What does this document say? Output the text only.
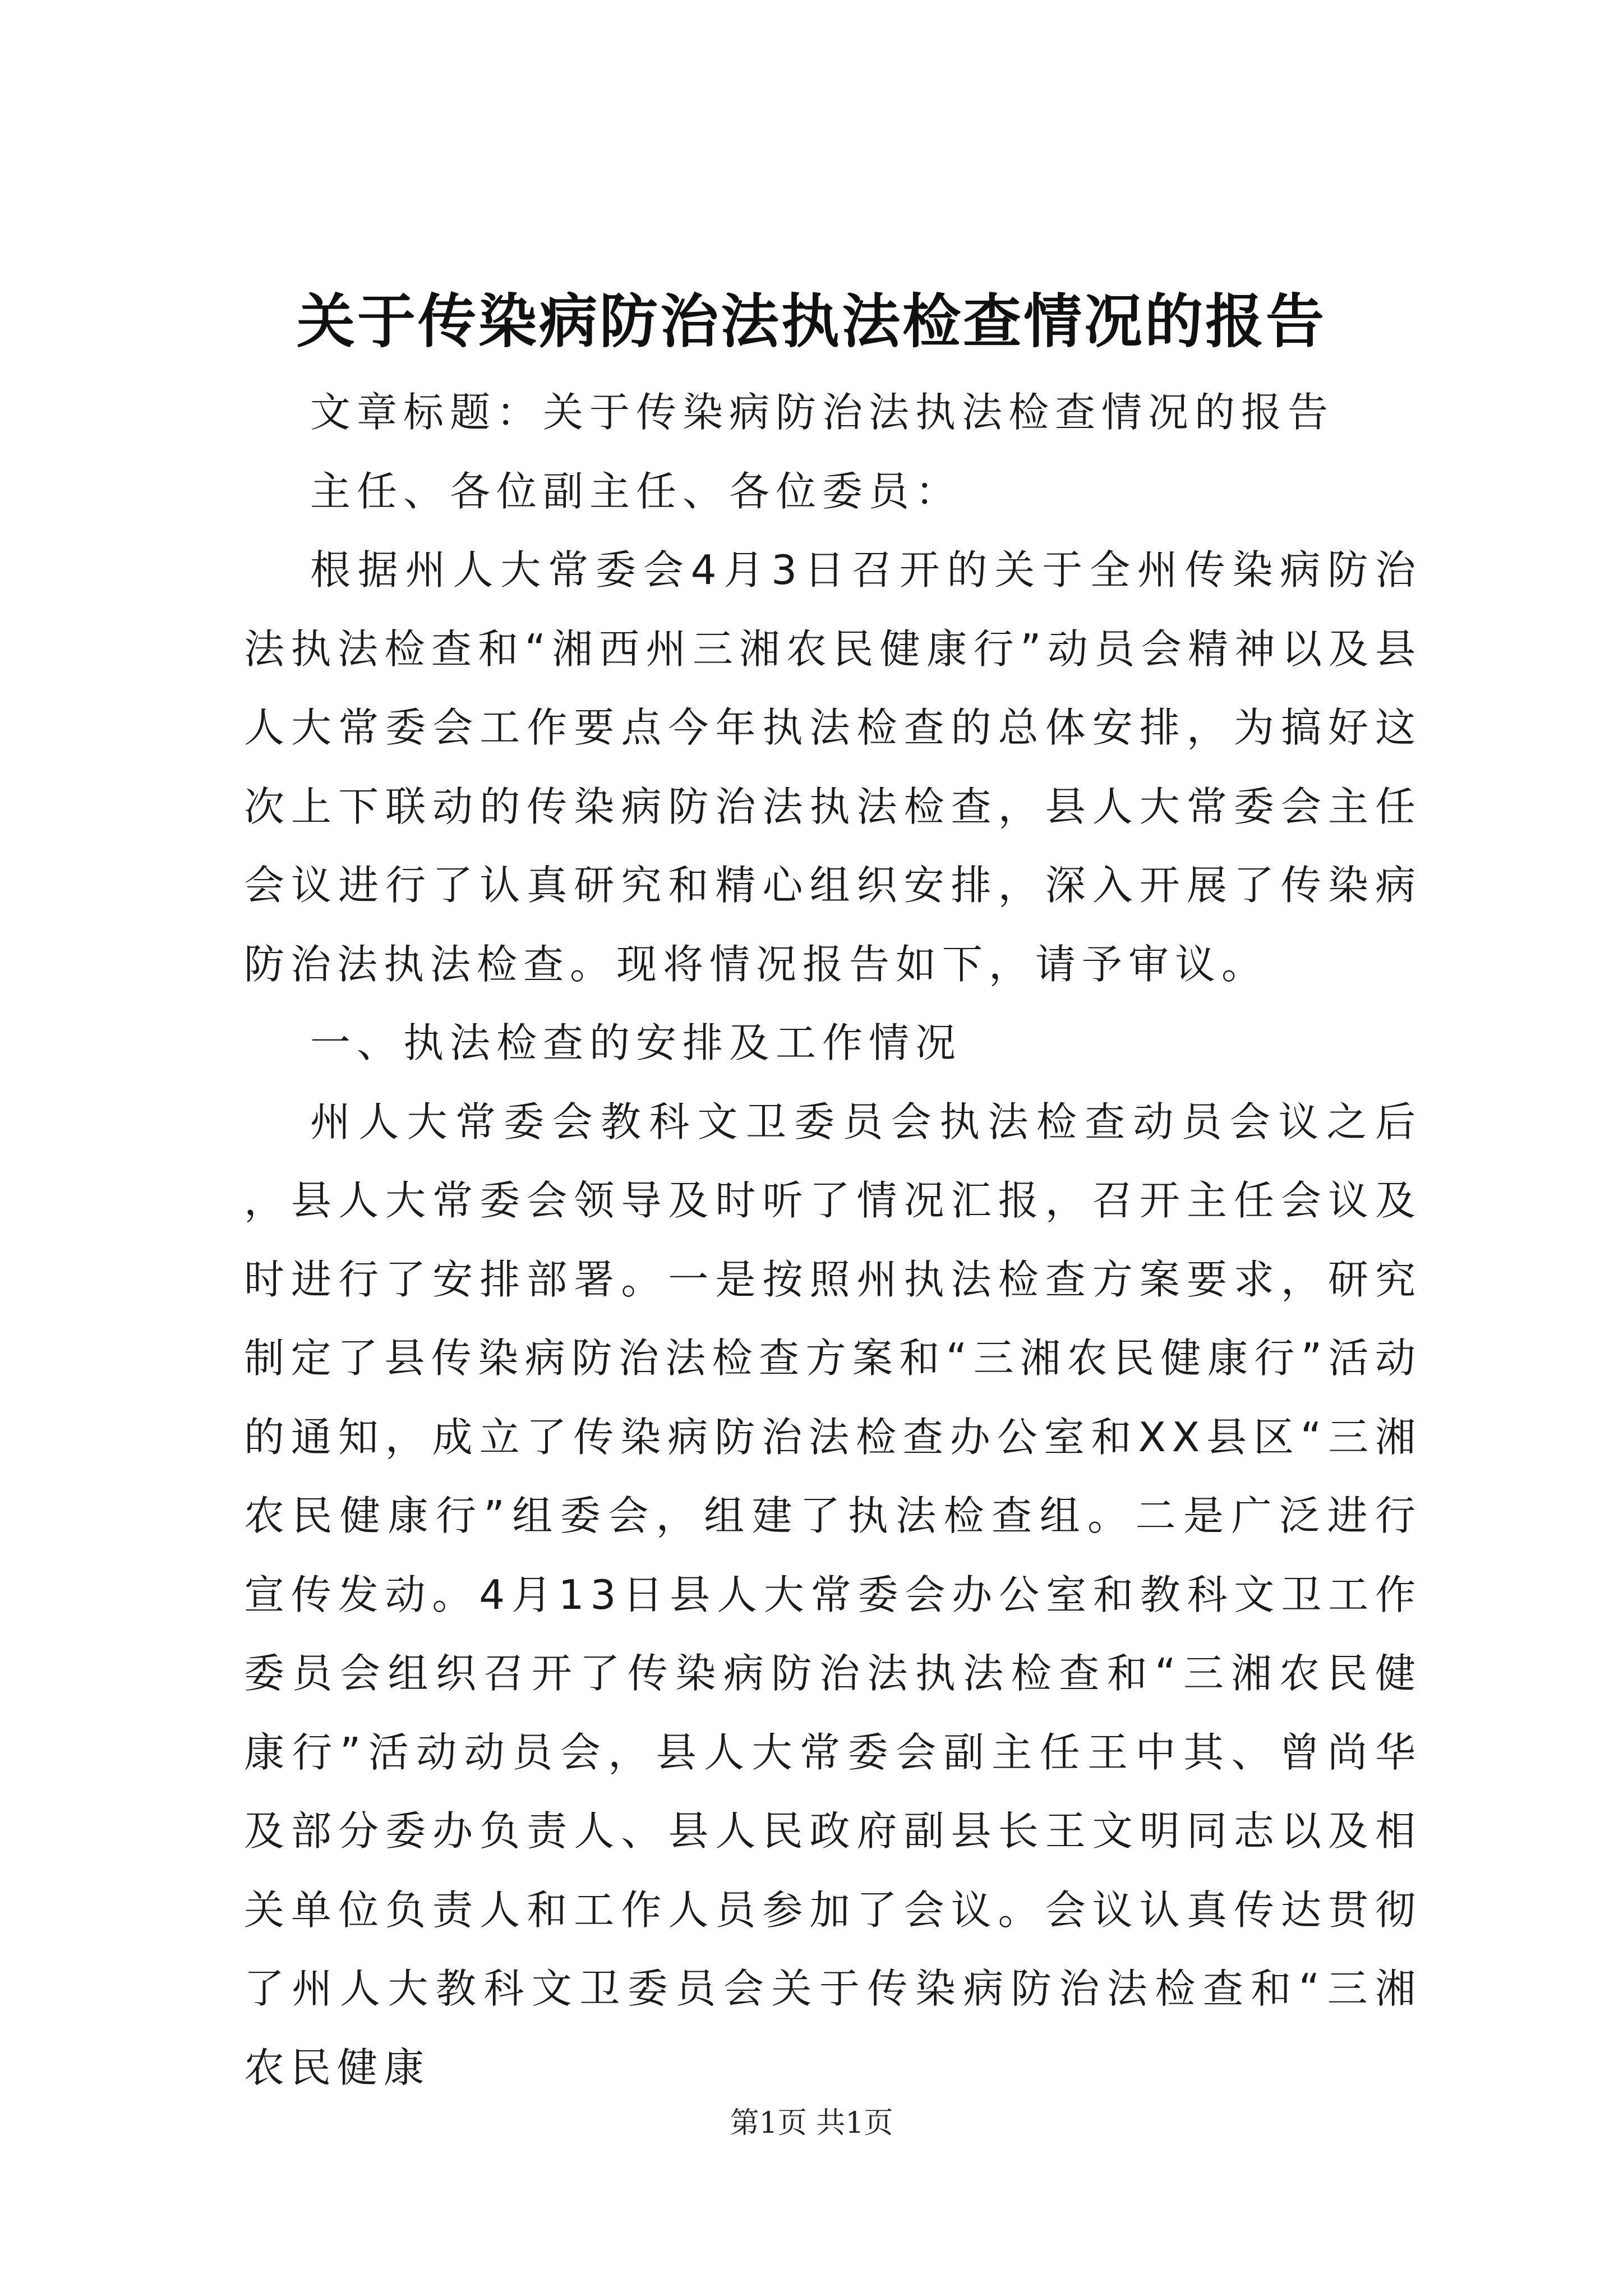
关于传染病防治法执法检查情况的报告

文章标题：关于传染病防治法执法检查情况的报告

主任、各位副主任、各位委员：

根据州人大常委会4月3日召开的关于全州传染病防治法执法检查和“湘西州三湘农民健康行”动员会精神以及县人大常委会工作要点今年执法检查的总体安排，为搞好这次上下联动的传染病防治法执法检查，县人大常委会主任会议进行了认真研究和精心组织安排，深入开展了传染病防治法执法检查。现将情况报告如下，请予审议。

一、执法检查的安排及工作情况

州人大常委会教科文卫委员会执法检查动员会议之后，县人大常委会领导及时听了情况汇报，召开主任会议及时进行了安排部署。一是按照州执法检查方案要求，研究制定了县传染病防治法检查方案和“三湘农民健康行”活动的通知，成立了传染病防治法检查办公室和XX县区“三湘农民健康行”组委会，组建了执法检查组。二是广泛进行宣传发动。4月13日县人大常委会办公室和教科文卫工作委员会组织召开了传染病防治法执法检查和“三湘农民健康行”活动动员会，县人大常委会副主任王中其、曾尚华及部分委办负责人、县人民政府副县长王文明同志以及相关单位负责人和工作人员参加了会议。会议认真传达贯彻了州人大教科文卫委员会关于传染病防治法检查和“三湘农民健康

第1页 共1页
